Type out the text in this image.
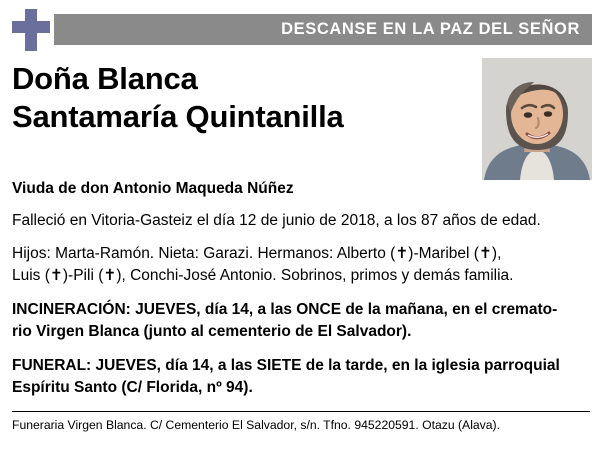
DESCANSE EN LA PAZ DEL SEÑOR
Doña Blanca
Santamaría Quintanilla
Viuda de don Antonio Maqueda Núñez
Falleció en Vitoria-Gasteiz el día 12 de junio de 2018, a los 87 años de edad.
Hijos: Marta-Ramón. Nieta: Garazi. Hermanos: Alberto (✝)-Maribel (✝),
Luis (✝)-Pili (✝), Conchi-José Antonio. Sobrinos, primos y demás familia.
INCINERACIÓN: JUEVES, día 14, a las ONCE de la mañana, en el cremato-
rio Virgen Blanca (junto al cementerio de El Salvador).
FUNERAL: JUEVES, día 14, a las SIETE de la tarde, en la iglesia parroquial
Espíritu Santo (C/ Florida, nº 94).
Funeraria Virgen Blanca. C/ Cementerio El Salvador, s/n. Tfno. 945220591. Otazu (Alava).
